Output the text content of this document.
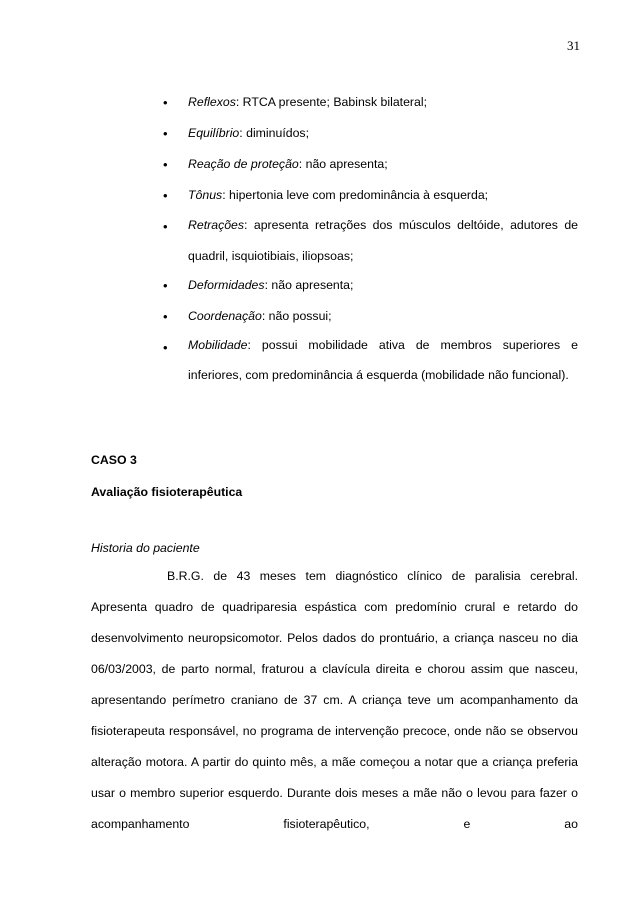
31
• Reflexos: RTCA presente; Babinsk bilateral;
• Equilíbrio: diminuídos;
• Reação de proteção: não apresenta;
• Tônus: hipertonia leve com predominância à esquerda;
• Retrações: apresenta retrações dos músculos deltóide, adutores de quadril, isquiotibiais, iliopsoas;
• Deformidades: não apresenta;
• Coordenação: não possui;
• Mobilidade: possui mobilidade ativa de membros superiores e inferiores, com predominância á esquerda (mobilidade não funcional).
CASO 3
Avaliação fisioterapêutica
Historia do paciente
B.R.G. de 43 meses tem diagnóstico clínico de paralisia cerebral. Apresenta quadro de quadriparesia espástica com predomínio crural e retardo do desenvolvimento neuropsicomotor. Pelos dados do prontuário, a criança nasceu no dia 06/03/2003, de parto normal, fraturou a clavícula direita e chorou assim que nasceu, apresentando perímetro craniano de 37 cm. A criança teve um acompanhamento da fisioterapeuta responsável, no programa de intervenção precoce, onde não se observou alteração motora. A partir do quinto mês, a mãe começou a notar que a criança preferia usar o membro superior esquerdo. Durante dois meses a mãe não o levou para fazer o acompanhamento fisioterapêutico, e ao
